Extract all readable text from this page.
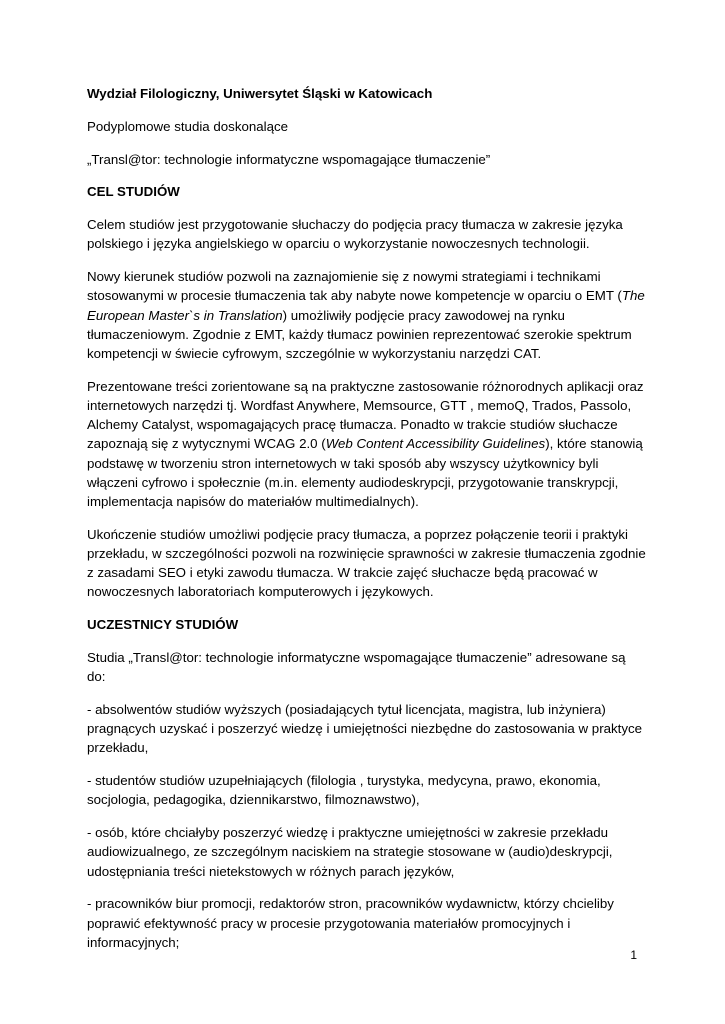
Wydział Filologiczny, Uniwersytet Śląski w Katowicach

Podyplomowe studia doskonalące

„Transl@tor: technologie informatyczne wspomagające tłumaczenie”

CEL STUDIÓW

Celem studiów jest przygotowanie słuchaczy do podjęcia pracy tłumacza w zakresie języka polskiego i języka angielskiego w oparciu o wykorzystanie nowoczesnych technologii.

Nowy kierunek studiów pozwoli na zaznajomienie się z nowymi strategiami i technikami stosowanymi w procesie tłumaczenia tak aby nabyte nowe kompetencje w oparciu o EMT (The European Master`s in Translation) umożliwiły podjęcie pracy zawodowej na rynku tłumaczeniowym. Zgodnie z EMT, każdy tłumacz powinien reprezentować szerokie spektrum kompetencji w świecie cyfrowym, szczególnie w wykorzystaniu narzędzi CAT.

Prezentowane treści zorientowane są na praktyczne zastosowanie różnorodnych aplikacji oraz internetowych narzędzi tj. Wordfast Anywhere, Memsource, GTT , memoQ, Trados, Passolo, Alchemy Catalyst, wspomagających pracę tłumacza. Ponadto w trakcie studiów słuchacze zapoznają się z wytycznymi WCAG 2.0 (Web Content Accessibility Guidelines), które stanowią podstawę w tworzeniu stron internetowych w taki sposób aby wszyscy użytkownicy byli włączeni cyfrowo i społecznie (m.in. elementy audiodeskrypcji, przygotowanie transkrypcji, implementacja napisów do materiałów multimedialnych).

Ukończenie studiów umożliwi podjęcie pracy tłumacza, a poprzez połączenie teorii i praktyki przekładu, w szczególności pozwoli na rozwinięcie sprawności w zakresie tłumaczenia zgodnie z zasadami SEO i etyki zawodu tłumacza. W trakcie zajęć słuchacze będą pracować w nowoczesnych laboratoriach komputerowych i językowych.

UCZESTNICY STUDIÓW

Studia „Transl@tor: technologie informatyczne wspomagające tłumaczenie” adresowane są do:

- absolwentów studiów wyższych (posiadających tytuł licencjata, magistra, lub inżyniera) pragnących uzyskać i poszerzyć wiedzę i umiejętności niezbędne do zastosowania w praktyce przekładu,

- studentów studiów uzupełniających (filologia , turystyka, medycyna, prawo, ekonomia, socjologia, pedagogika, dziennikarstwo, filmoznawstwo),

- osób, które chciałyby poszerzyć wiedzę i praktyczne umiejętności w zakresie przekładu audiowizualnego, ze szczególnym naciskiem na strategie stosowane w (audio)deskrypcji, udostępniania treści nietekstowych w różnych parach języków,

- pracowników biur promocji, redaktorów stron, pracowników wydawnictw, którzy chcieliby poprawić efektywność pracy w procesie przygotowania materiałów promocyjnych i informacyjnych;

1
